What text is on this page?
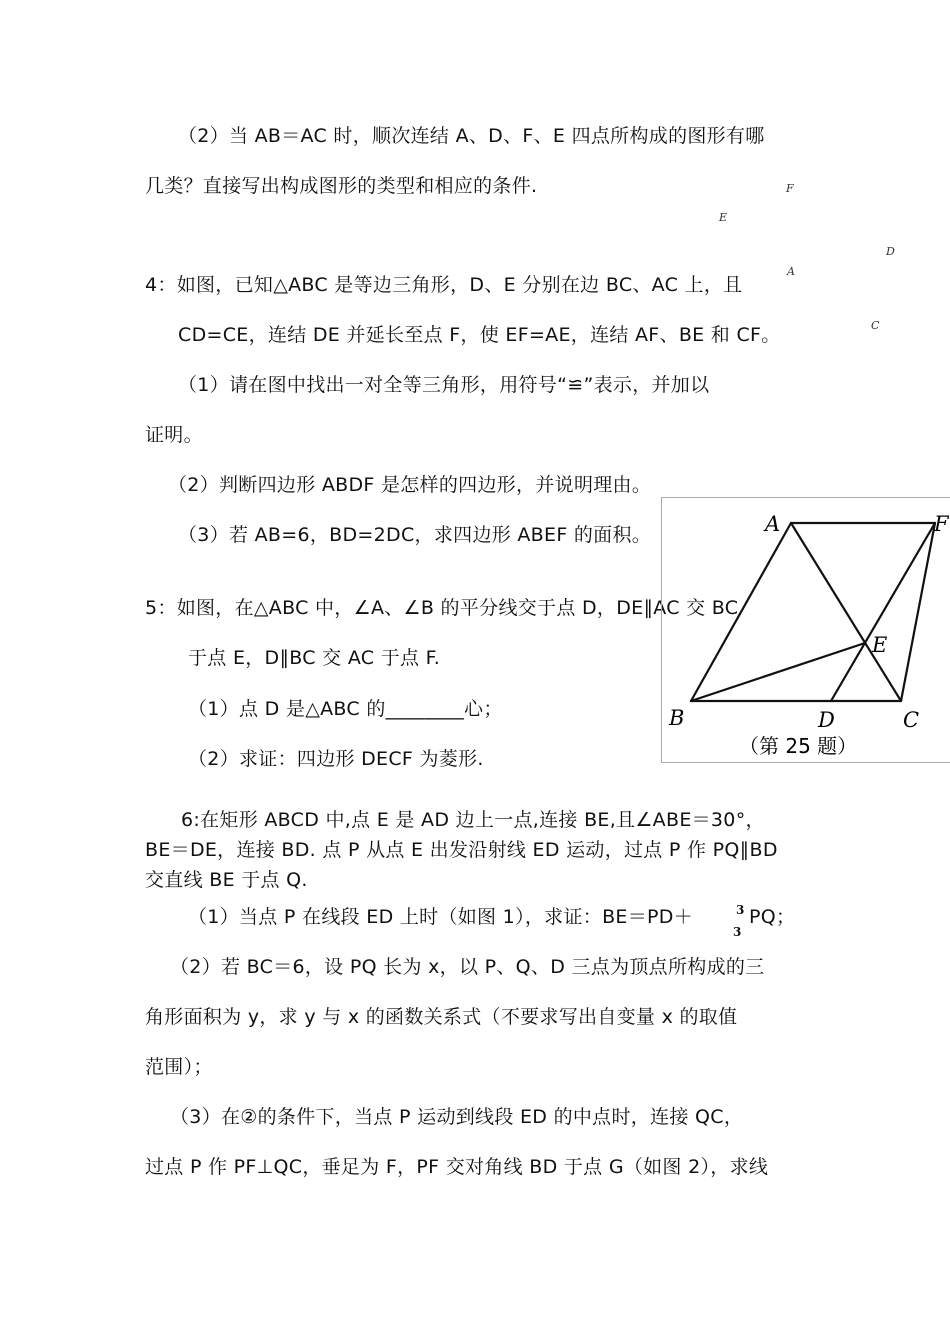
（2）当 AB＝AC 时，顺次连结 A、D、F、E 四点所构成的图形有哪
几类？直接写出构成图形的类型和相应的条件.	F
E
D
A
C
4：如图，已知△ABC 是等边三角形，D、E 分别在边 BC、AC 上，且
CD=CE，连结 DE 并延长至点 F，使 EF=AE，连结 AF、BE 和 CF。
（1）请在图中找出一对全等三角形，用符号“≌”表示，并加以
证明。
（2）判断四边形 ABDF 是怎样的四边形，并说明理由。
（3）若 AB=6，BD=2DC，求四边形 ABEF 的面积。
5：如图，在△ABC 中，∠A、∠B 的平分线交于点 D，DE∥AC 交 BC
于点 E，D∥BC 交 AC 于点 F.
（1）点 D 是△ABC 的________心；
（2）求证：四边形 DECF 为菱形.
A	F
E
B	D	C
（第 25 题）
6:在矩形 ABCD 中,点 E 是 AD 边上一点,连接 BE,且∠ABE＝30°，
BE＝DE，连接 BD. 点 P 从点 E 出发沿射线 ED 运动，过点 P 作 PQ∥BD
交直线 BE 于点 Q.
（1）当点 P 在线段 ED 上时（如图 1），求证：BE＝PD＋	3
3
PQ；
（2）若 BC＝6，设 PQ 长为 x，以 P、Q、D 三点为顶点所构成的三
角形面积为 y，求 y 与 x 的函数关系式（不要求写出自变量 x 的取值
范围）；
（3）在②的条件下，当点 P 运动到线段 ED 的中点时，连接 QC，
过点 P 作 PF⊥QC，垂足为 F，PF 交对角线 BD 于点 G（如图 2），求线
